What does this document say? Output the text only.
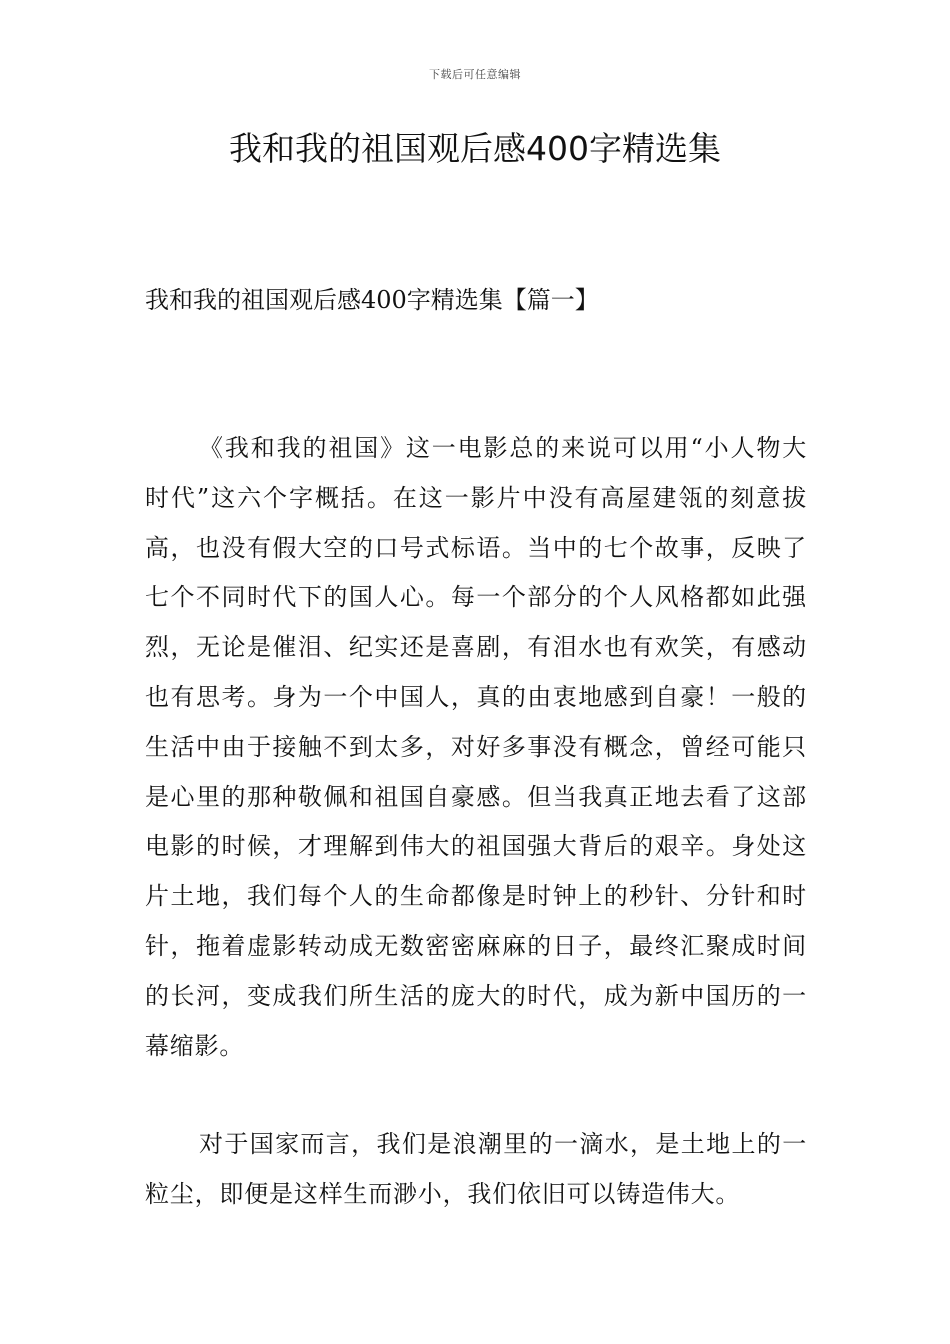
下载后可任意编辑
我和我的祖国观后感400字精选集
我和我的祖国观后感400字精选集【篇一】

《我和我的祖国》这一电影总的来说可以用“小人物大时代”这六个字概括。在这一影片中没有高屋建瓴的刻意拔高，也没有假大空的口号式标语。当中的七个故事，反映了七个不同时代下的国人心。每一个部分的个人风格都如此强烈，无论是催泪、纪实还是喜剧，有泪水也有欢笑，有感动也有思考。身为一个中国人，真的由衷地感到自豪！一般的生活中由于接触不到太多，对好多事没有概念，曾经可能只是心里的那种敬佩和祖国自豪感。但当我真正地去看了这部电影的时候，才理解到伟大的祖国强大背后的艰辛。身处这片土地，我们每个人的生命都像是时钟上的秒针、分针和时针，拖着虚影转动成无数密密麻麻的日子，最终汇聚成时间的长河，变成我们所生活的庞大的时代，成为新中国历的一幕缩影。

对于国家而言，我们是浪潮里的一滴水，是土地上的一粒尘，即便是这样生而渺小，我们依旧可以铸造伟大。
